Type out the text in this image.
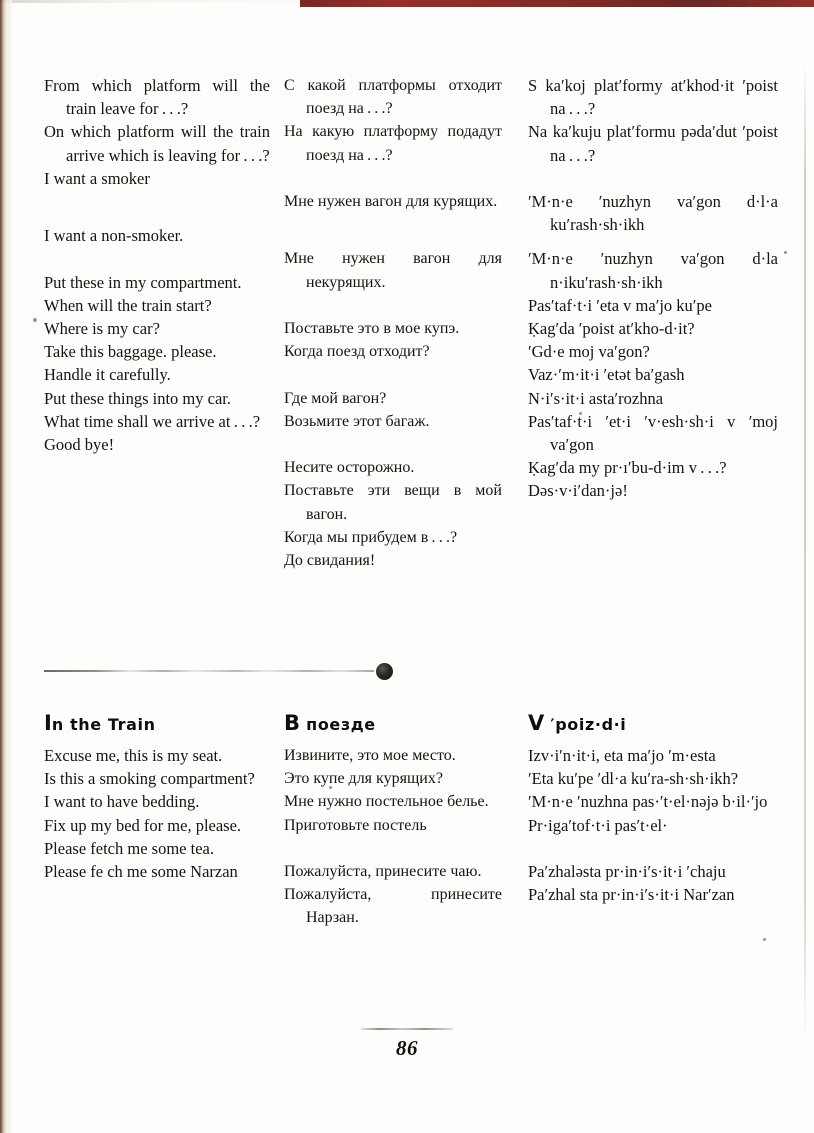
From which platform will the train leave for . . .?

On which platform will the train arrive which is leaving for . . .?

I want a smoker

I want a non-smoker.

Put these in my compartment.

When will the train start?

Where is my car?

Take this baggage. please.

Handle it carefully.

Put these things into my car.

What time shall we arrive at . . .?

Good bye!

С какой платформы отходит поезд на . . .?

На какую платформу подадут поезд на . . .?

Мне нужен вагон для курящих.

Мне нужен вагон для некурящих.

Поставьте это в мое купэ.

Когда поезд отходит?

Где мой вагон?

Возьмите этот багаж.

Несите осторожно.

Поставьте эти вещи в мой вагон.

Когда мы прибудем в . . .?

До свидания!

S ka′koj plat′formy at′khod·it ′poist na . . .?

Na ka′kuju plat′formu pəda′dut ′poist na . . .?

′M·n·e ′nuzhyn va′gon d·l·a ku′rash·sh·ikh

′M·n·e ′nuzhyn va′gon d·la n·iku′rash·sh·ikh

Pas′taf·t·i ′eta v ma′jo ku′pe

Ḳag′da ′poist at′kho-d·it?

′Gd·e moj va′gon?

Vaz·′m·it·i ′etət ba′gash

N·i′s·it·i asta′rozhna

Pas′taf·t·i ′et·i ′v·esh·sh·i v ′moj va′gon

Ḳag′da my pr·ı′bu-d·im v . . .?

Dəs·v·i′dan·jə!

In the Train	В поезде	V ′poiz·d·i

Excuse me, this is my seat.

Is this a smoking compartment?

I want to have bedding.

Fix up my bed for me, please.

Please fetch me some tea.

Please fe ch me some Narzan

Извините, это мое место.

Это купе для курящих?

Мне нужно постельное белье.

Приготовьте постель

Пожалуйста, принесите чаю.

Пожалуйста, принесите Нарзан.

Izv·i′n·it·i, eta ma′jo ′m·esta

′Eta ku′pe ′dl·a ku′ra-sh·sh·ikh?

′M·n·e ′nuzhna pas·′t·el·nəjə b·il·′jo

Pr·iga′tof·t·i pas′t·el·

Pa′zhaləsta pr·in·i′s·it·i ′chaju

Pa′zhal sta pr·in·i′s·it·i Nar′zan

86
